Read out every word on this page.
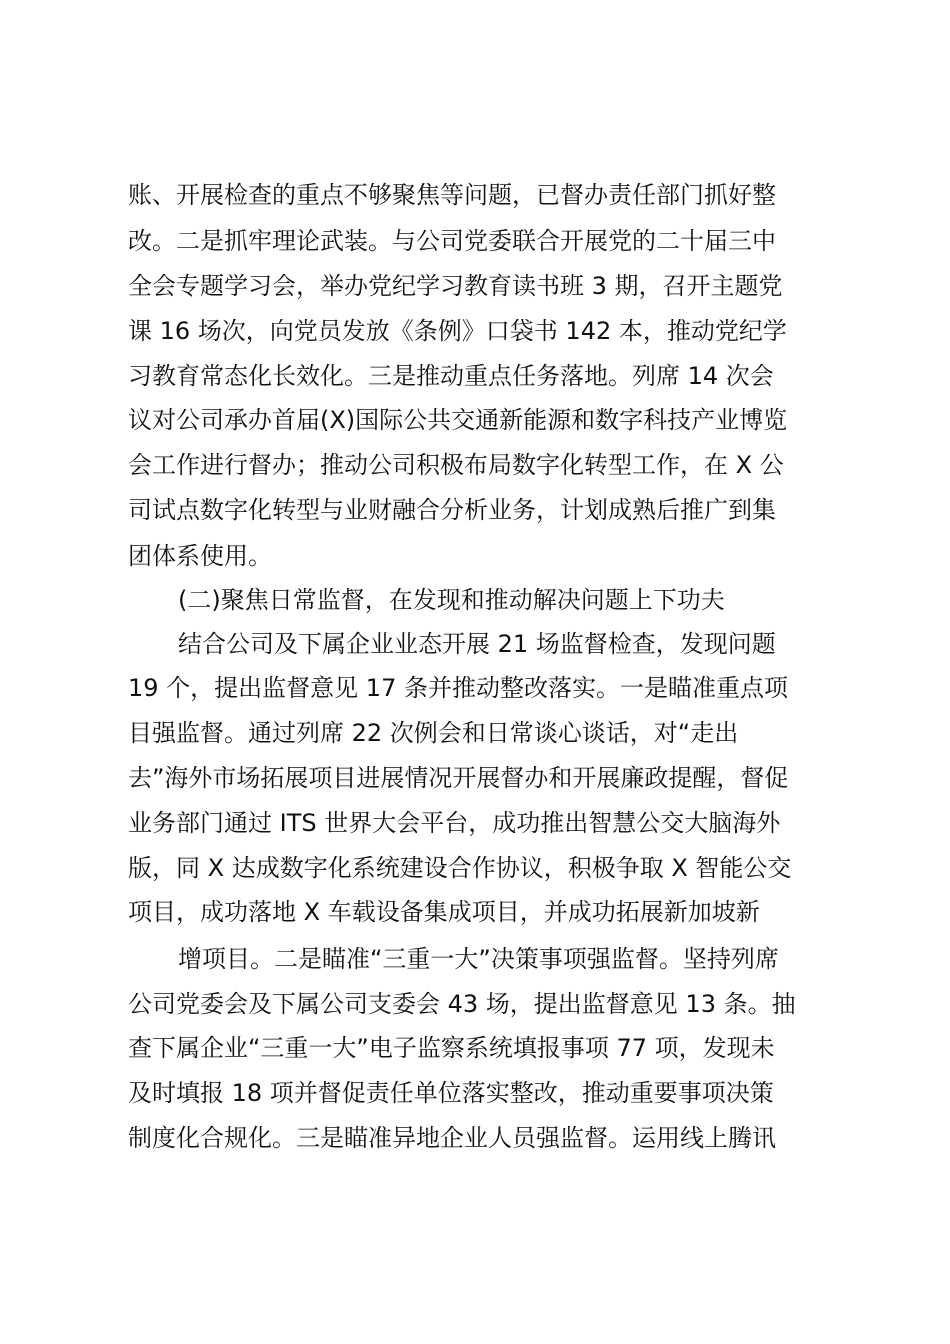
账、开展检查的重点不够聚焦等问题，已督办责任部门抓好整
改。二是抓牢理论武装。与公司党委联合开展党的二十届三中
全会专题学习会，举办党纪学习教育读书班 3 期，召开主题党
课 16 场次，向党员发放《条例》口袋书 142 本，推动党纪学
习教育常态化长效化。三是推动重点任务落地。列席 14 次会
议对公司承办首届(X)国际公共交通新能源和数字科技产业博览
会工作进行督办；推动公司积极布局数字化转型工作，在 X 公
司试点数字化转型与业财融合分析业务，计划成熟后推广到集
团体系使用。
(二)聚焦日常监督，在发现和推动解决问题上下功夫
结合公司及下属企业业态开展 21 场监督检查，发现问题
19 个，提出监督意见 17 条并推动整改落实。一是瞄准重点项
目强监督。通过列席 22 次例会和日常谈心谈话，对“走出
去”海外市场拓展项目进展情况开展督办和开展廉政提醒，督促
业务部门通过 ITS 世界大会平台，成功推出智慧公交大脑海外
版，同 X 达成数字化系统建设合作协议，积极争取 X 智能公交
项目，成功落地 X 车载设备集成项目，并成功拓展新加坡新
增项目。二是瞄准“三重一大”决策事项强监督。坚持列席
公司党委会及下属公司支委会 43 场，提出监督意见 13 条。抽
查下属企业“三重一大”电子监察系统填报事项 77 项，发现未
及时填报 18 项并督促责任单位落实整改，推动重要事项决策
制度化合规化。三是瞄准异地企业人员强监督。运用线上腾讯
